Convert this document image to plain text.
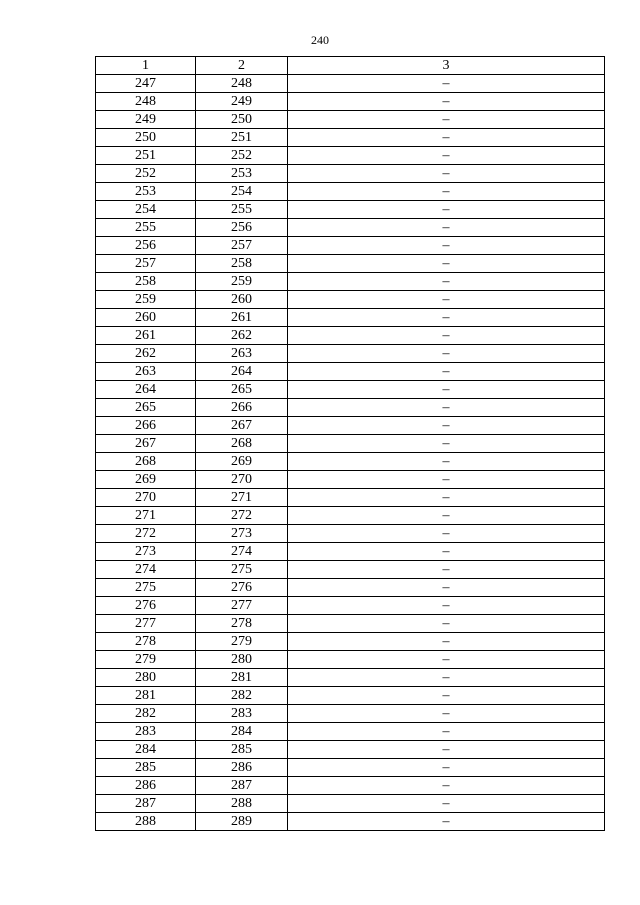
240
1	2	3
247	248	–
248	249	–
249	250	–
250	251	–
251	252	–
252	253	–
253	254	–
254	255	–
255	256	–
256	257	–
257	258	–
258	259	–
259	260	–
260	261	–
261	262	–
262	263	–
263	264	–
264	265	–
265	266	–
266	267	–
267	268	–
268	269	–
269	270	–
270	271	–
271	272	–
272	273	–
273	274	–
274	275	–
275	276	–
276	277	–
277	278	–
278	279	–
279	280	–
280	281	–
281	282	–
282	283	–
283	284	–
284	285	–
285	286	–
286	287	–
287	288	–
288	289	–
